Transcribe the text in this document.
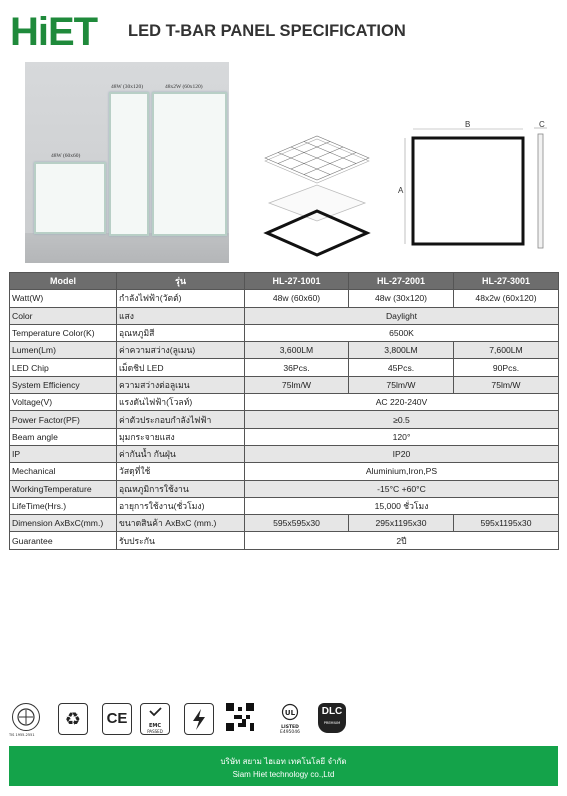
HiET LED T-BAR PANEL SPECIFICATION
48W (60x60)
48W (30x120)	48x2W (60x120)
A
B	C
Model	รุ่น	HL-27-1001	HL-27-2001	HL-27-3001
Watt(W)	กำลังไฟฟ้า(วัตต์)	48w (60x60)	48w (30x120)	48x2w (60x120)
Color	แสง	Daylight		
Temperature Color(K)	อุณหภูมิสี	6500K		
Lumen(Lm)	ค่าความสว่าง(ลูเมน)	3,600LM	3,800LM	7,600LM
LED Chip	เม็ดชิป LED	36Pcs.	45Pcs.	90Pcs.
System Efficiency	ความสว่างต่อลูเมน	75lm/W	75lm/W	75lm/W
Voltage(V)	แรงดันไฟฟ้า(โวลท์)	AC 220-240V		
Power Factor(PF)	ค่าตัวประกอบกำลังไฟฟ้า	≥0.5		
Beam angle	มุมกระจายแสง	120°		
IP	ค่ากันน้ำ กันฝุ่น	IP20		
Mechanical	วัสดุที่ใช้	Aluminium,Iron,PS		
WorkingTemperature	อุณหภูมิการใช้งาน	-15°C +60°C		
LifeTime(Hrs.)	อายุการใช้งาน(ชั่วโมง)	15,000 ชั่วโมง		
Dimension AxBxC(mm.)	ขนาดสินค้า AxBxC (mm.)	595x595x30	295x1195x30	595x1195x30
Guarantee	รับประกัน	2ปี		
TIS 1955-2551
♻ CE	EMC
PASSED
UL
LISTED
E495046
DLC
PREMIUM
บริษัท สยาม ไฮเอท เทคโนโลยี จำกัด
Siam Hiet technology co.,Ltd
